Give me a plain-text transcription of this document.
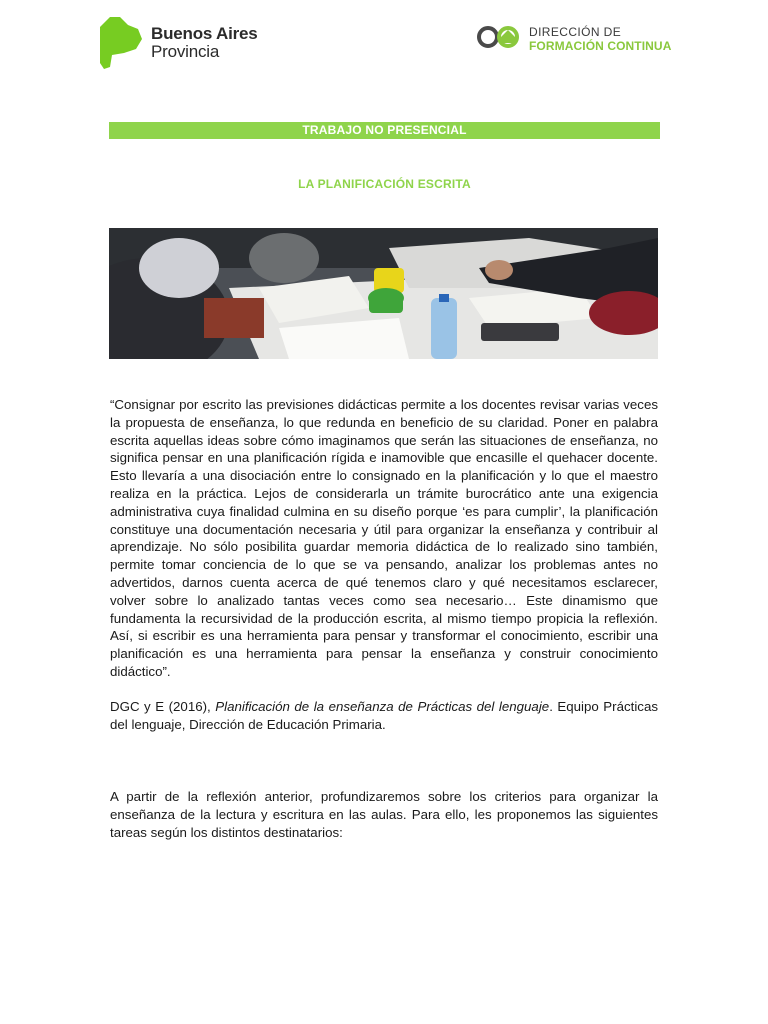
Buenos Aires
Provincia
DIRECCIÓN DE
FORMACIÓN CONTINUA
TRABAJO NO PRESENCIAL
LA PLANIFICACIÓN ESCRITA
“Consignar por escrito las previsiones didácticas permite a los docentes revisar varias veces la propuesta de enseñanza, lo que redunda en beneficio de su claridad. Poner en palabra escrita aquellas ideas sobre cómo imaginamos que serán las situaciones de enseñanza, no significa pensar en una planificación rígida e inamovible que encasille el quehacer docente. Esto llevaría a una disociación entre lo consignado en la planificación y lo que el maestro realiza en la práctica. Lejos de considerarla un trámite burocrático ante una exigencia administrativa cuya finalidad culmina en su diseño porque ‘es para cumplir’, la planificación constituye una documentación necesaria y útil para organizar la enseñanza y contribuir al aprendizaje. No sólo posibilita guardar memoria didáctica de lo realizado sino también, permite tomar conciencia de lo que se va pensando, analizar los problemas antes no advertidos, darnos cuenta acerca de qué tenemos claro y qué necesitamos esclarecer, volver sobre lo analizado tantas veces como sea necesario… Este dinamismo que fundamenta la recursividad de la producción escrita, al mismo tiempo propicia la reflexión. Así, si escribir es una herramienta para pensar y transformar el conocimiento, escribir una planificación es una herramienta para pensar la enseñanza y construir conocimiento didáctico”.
DGC y E (2016), Planificación de la enseñanza de Prácticas del lenguaje. Equipo Prácticas del lenguaje, Dirección de Educación Primaria.
A partir de la reflexión anterior, profundizaremos sobre los criterios para organizar la enseñanza de la lectura y escritura en las aulas. Para ello, les proponemos las siguientes tareas según los distintos destinatarios:
